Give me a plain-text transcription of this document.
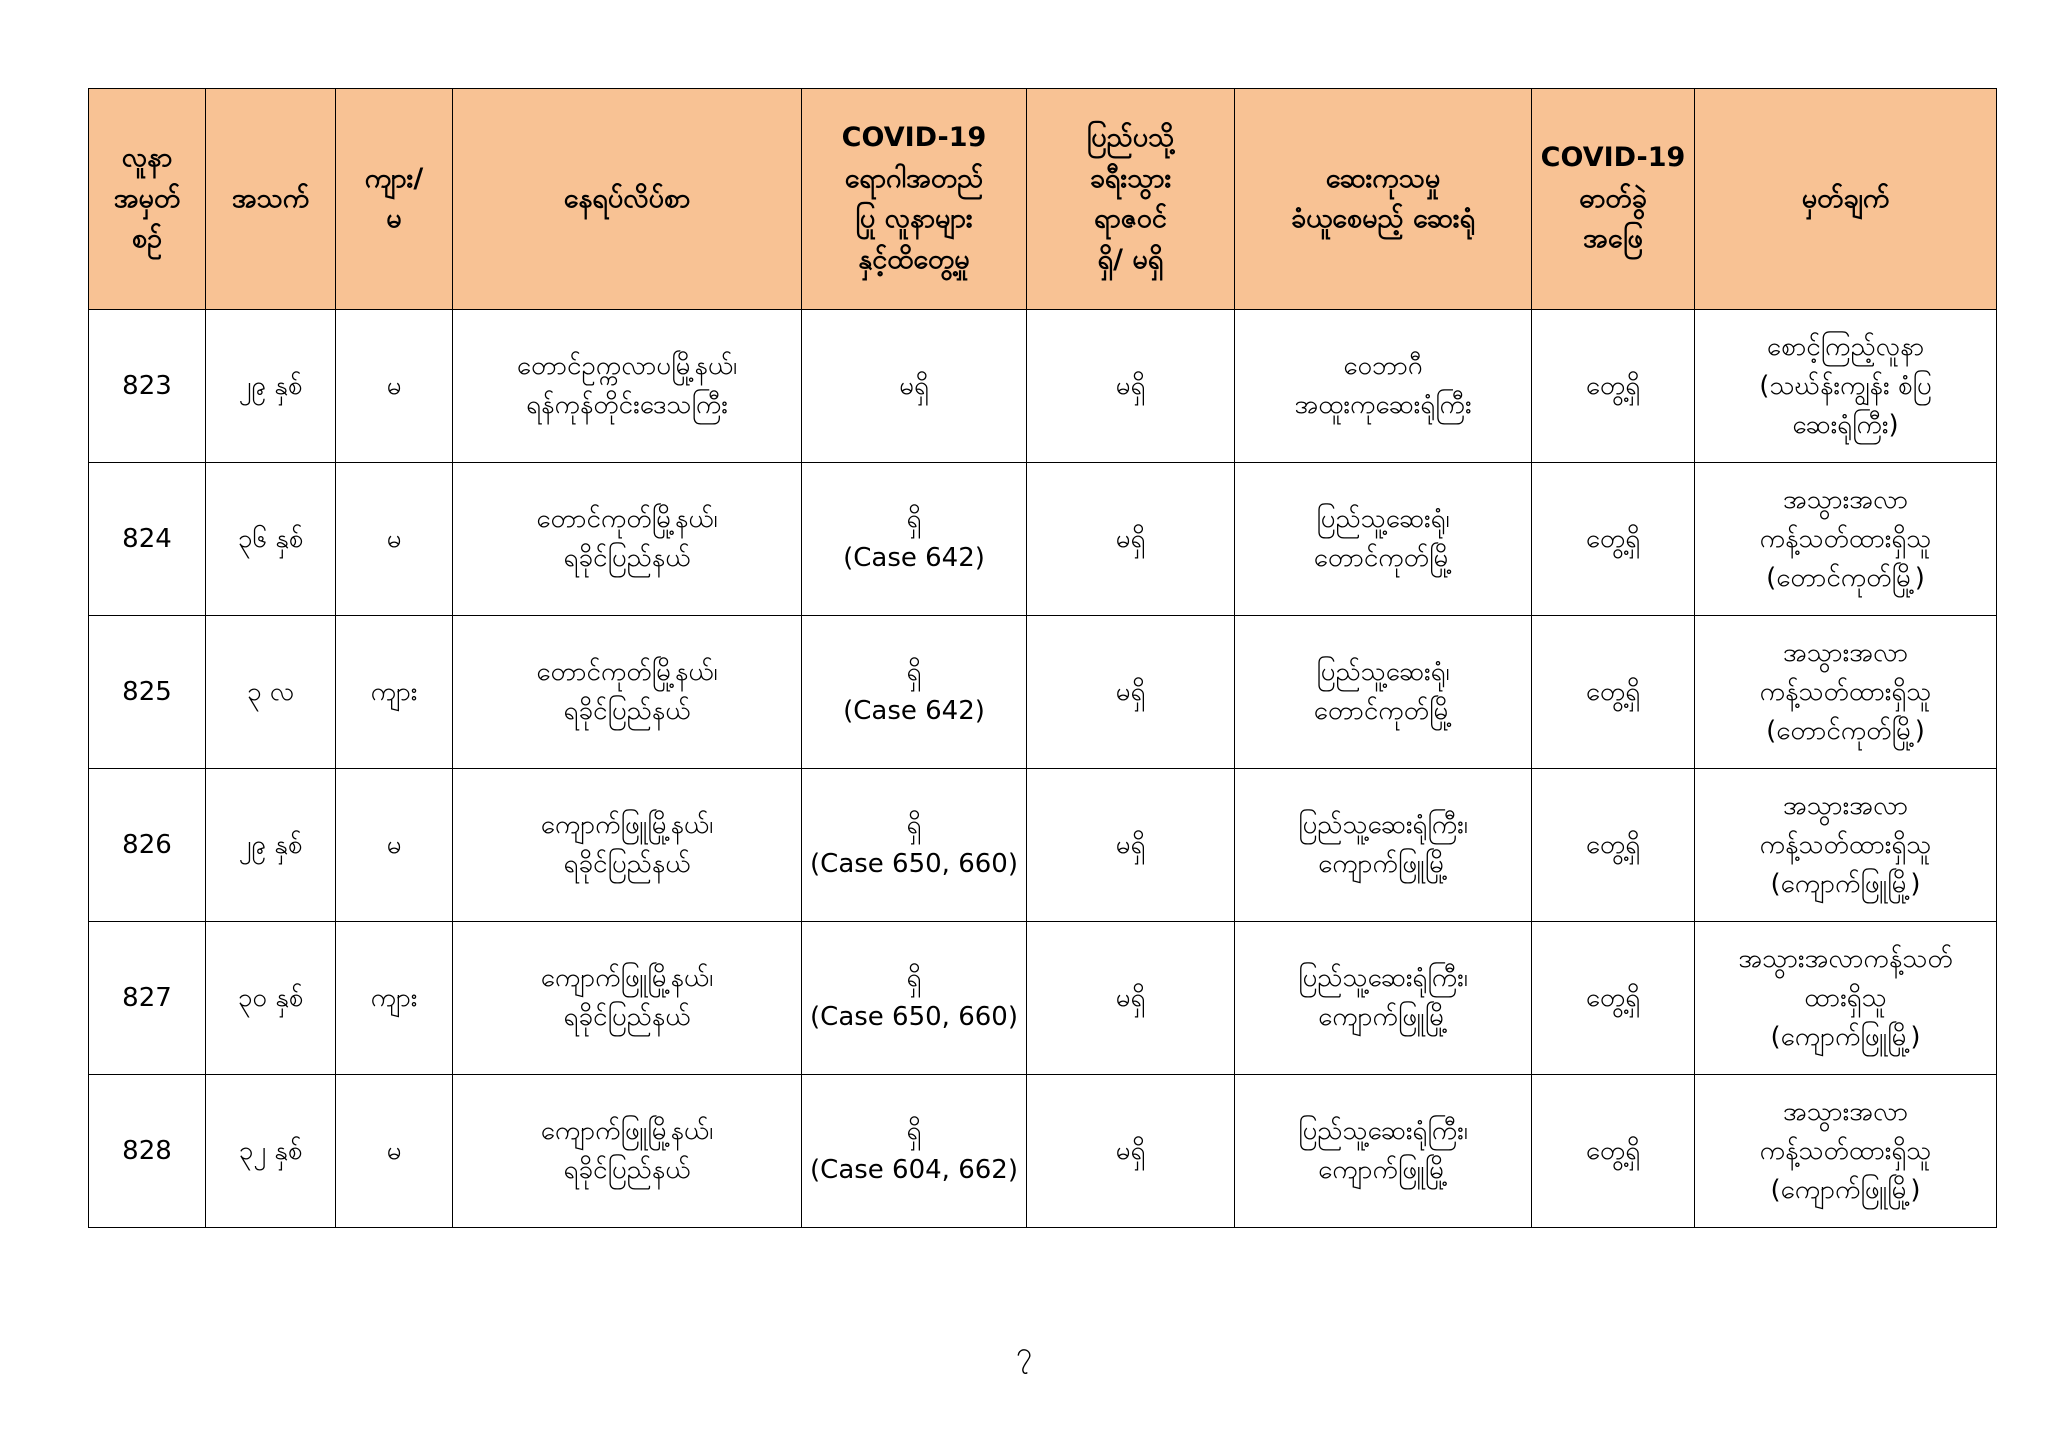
လူနာ
အမှတ်
စဉ်	အသက်	ကျား/
မ	နေရပ်လိပ်စာ	COVID-19
ရောဂါအတည်
ပြု လူနာများ
နှင့်ထိတွေ့မှု	ပြည်ပသို့
ခရီးသွား
ရာဇဝင်
ရှိ/ မရှိ	ဆေးကုသမှု
ခံယူစေမည့် ဆေးရုံ	COVID-19
ဓာတ်ခွဲ
အဖြေ	မှတ်ချက်

823	၂၉ နှစ်	မ	တောင်ဥက္ကလာပမြို့နယ်၊
ရန်ကုန်တိုင်းဒေသကြီး	မရှိ	မရှိ	ဝေဘာဂီ
အထူးကုဆေးရုံကြီး	တွေ့ရှိ	စောင့်ကြည့်လူနာ
(သဃ်န်းကျွန်း စံပြ
ဆေးရုံကြီး)

824	၃၆ နှစ်	မ	တောင်ကုတ်မြို့နယ်၊
ရခိုင်ပြည်နယ်	ရှိ
(Case 642)	မရှိ	ပြည်သူ့ဆေးရုံ၊
တောင်ကုတ်မြို့	တွေ့ရှိ	အသွားအလာ
ကန့်သတ်ထားရှိသူ
(တောင်ကုတ်မြို့)

825	၃ လ	ကျား	တောင်ကုတ်မြို့နယ်၊
ရခိုင်ပြည်နယ်	ရှိ
(Case 642)	မရှိ	ပြည်သူ့ဆေးရုံ၊
တောင်ကုတ်မြို့	တွေ့ရှိ	အသွားအလာ
ကန့်သတ်ထားရှိသူ
(တောင်ကုတ်မြို့)

826	၂၉ နှစ်	မ	ကျောက်ဖြူမြို့နယ်၊
ရခိုင်ပြည်နယ်	ရှိ
(Case 650, 660)	မရှိ	ပြည်သူ့ဆေးရုံကြီး၊
ကျောက်ဖြူမြို့	တွေ့ရှိ	အသွားအလာ
ကန့်သတ်ထားရှိသူ
(ကျောက်ဖြူမြို့)

827	၃၀ နှစ်	ကျား	ကျောက်ဖြူမြို့နယ်၊
ရခိုင်ပြည်နယ်	ရှိ
(Case 650, 660)	မရှိ	ပြည်သူ့ဆေးရုံကြီး၊
ကျောက်ဖြူမြို့	တွေ့ရှိ	အသွားအလာကန့်သတ်
ထားရှိသူ
(ကျောက်ဖြူမြို့)

828	၃၂ နှစ်	မ	ကျောက်ဖြူမြို့နယ်၊
ရခိုင်ပြည်နယ်	ရှိ
(Case 604, 662)	မရှိ	ပြည်သူ့ဆေးရုံကြီး၊
ကျောက်ဖြူမြို့	တွေ့ရှိ	အသွားအလာ
ကန့်သတ်ထားရှိသူ
(ကျောက်ဖြူမြို့)
၇
